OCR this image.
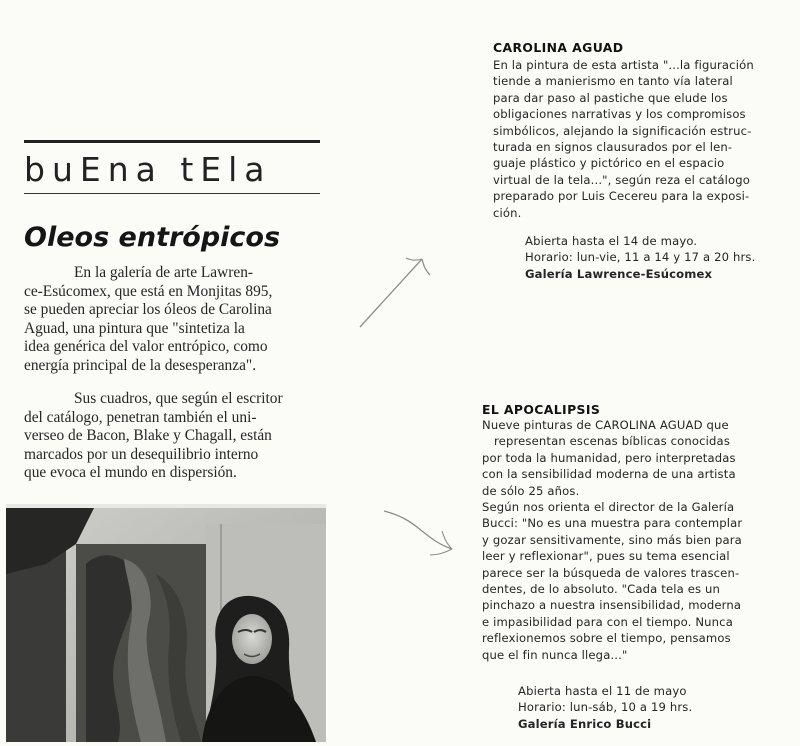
buEna tEla
Oleos entrópicos
En la galería de arte Lawren-
ce-Esúcomex, que está en Monjitas 895,
se pueden apreciar los óleos de Carolina
Aguad, una pintura que "sintetiza la
idea genérica del valor entrópico, como
energía principal de la desesperanza".
Sus cuadros, que según el escritor
del catálogo, penetran también el uni-
verseo de Bacon, Blake y Chagall, están
marcados por un desequilibrio interno
que evoca el mundo en dispersión.
CAROLINA AGUAD
En la pintura de esta artista "...la figuración
tiende a manierismo en tanto vía lateral
para dar paso al pastiche que elude los
obligaciones narrativas y los compromisos
simbólicos, alejando la significación estruc-
turada en signos clausurados por el len-
guaje plástico y pictórico en el espacio
virtual de la tela...", según reza el catálogo
preparado por Luis Cecereu para la exposi-
ción.
Abierta hasta el 14 de mayo.
Horario: lun-vie, 11 a 14 y 17 a 20 hrs.
Galería Lawrence-Esúcomex
EL APOCALIPSIS
Nueve pinturas de CAROLINA AGUAD que
representan escenas bíblicas conocidas
por toda la humanidad, pero interpretadas
con la sensibilidad moderna de una artista
de sólo 25 años.
Según nos orienta el director de la Galería
Bucci: "No es una muestra para contemplar
y gozar sensitivamente, sino más bien para
leer y reflexionar", pues su tema esencial
parece ser la búsqueda de valores trascen-
dentes, de lo absoluto. "Cada tela es un
pinchazo a nuestra insensibilidad, moderna
e impasibilidad para con el tiempo. Nunca
reflexionemos sobre el tiempo, pensamos
que el fin nunca llega..."
Abierta hasta el 11 de mayo
Horario: lun-sáb, 10 a 19 hrs.
Galería Enrico Bucci
